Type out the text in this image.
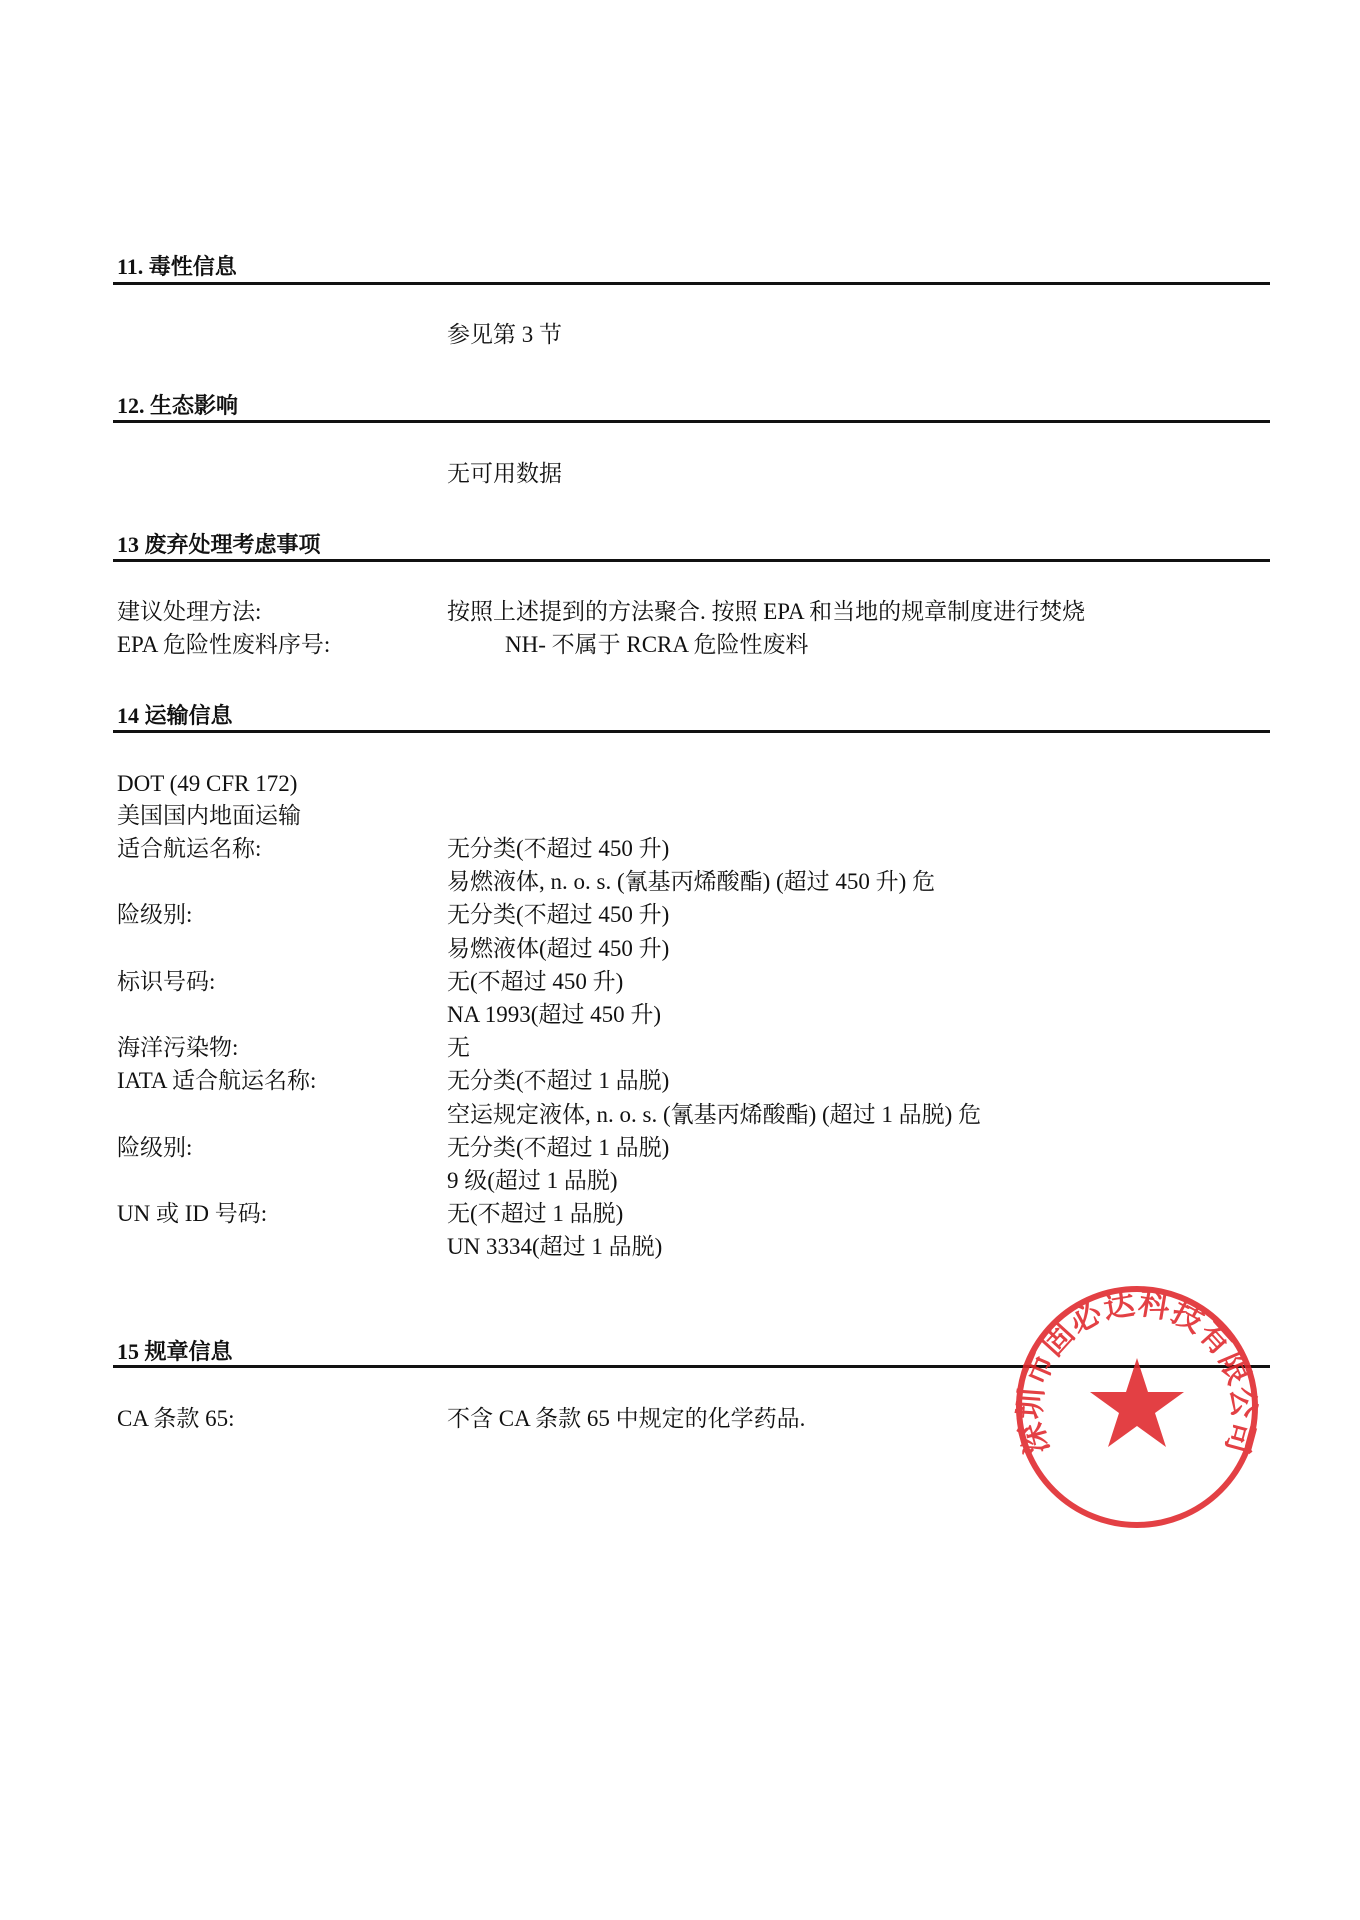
11. 毒性信息
参见第 3 节
12. 生态影响
无可用数据
13 废弃处理考虑事项
建议处理方法:	按照上述提到的方法聚合. 按照 EPA 和当地的规章制度进行焚烧
EPA 危险性废料序号:	NH- 不属于 RCRA 危险性废料
14 运输信息
DOT (49 CFR 172)
美国国内地面运输
适合航运名称:	无分类(不超过 450 升)
易燃液体, n. o. s. (氰基丙烯酸酯) (超过 450 升) 危
险级别:	无分类(不超过 450 升)
易燃液体(超过 450 升)
标识号码:	无(不超过 450 升)
NA 1993(超过 450 升)
海洋污染物:	无
IATA 适合航运名称:	无分类(不超过 1 品脱)
空运规定液体, n. o. s. (氰基丙烯酸酯) (超过 1 品脱) 危
险级别:	无分类(不超过 1 品脱)
9 级(超过 1 品脱)
UN 或 ID 号码:	无(不超过 1 品脱)
UN 3334(超过 1 品脱)
15 规章信息
CA 条款 65:	不含 CA 条款 65 中规定的化学药品.	深圳市固必达科技有限公司
